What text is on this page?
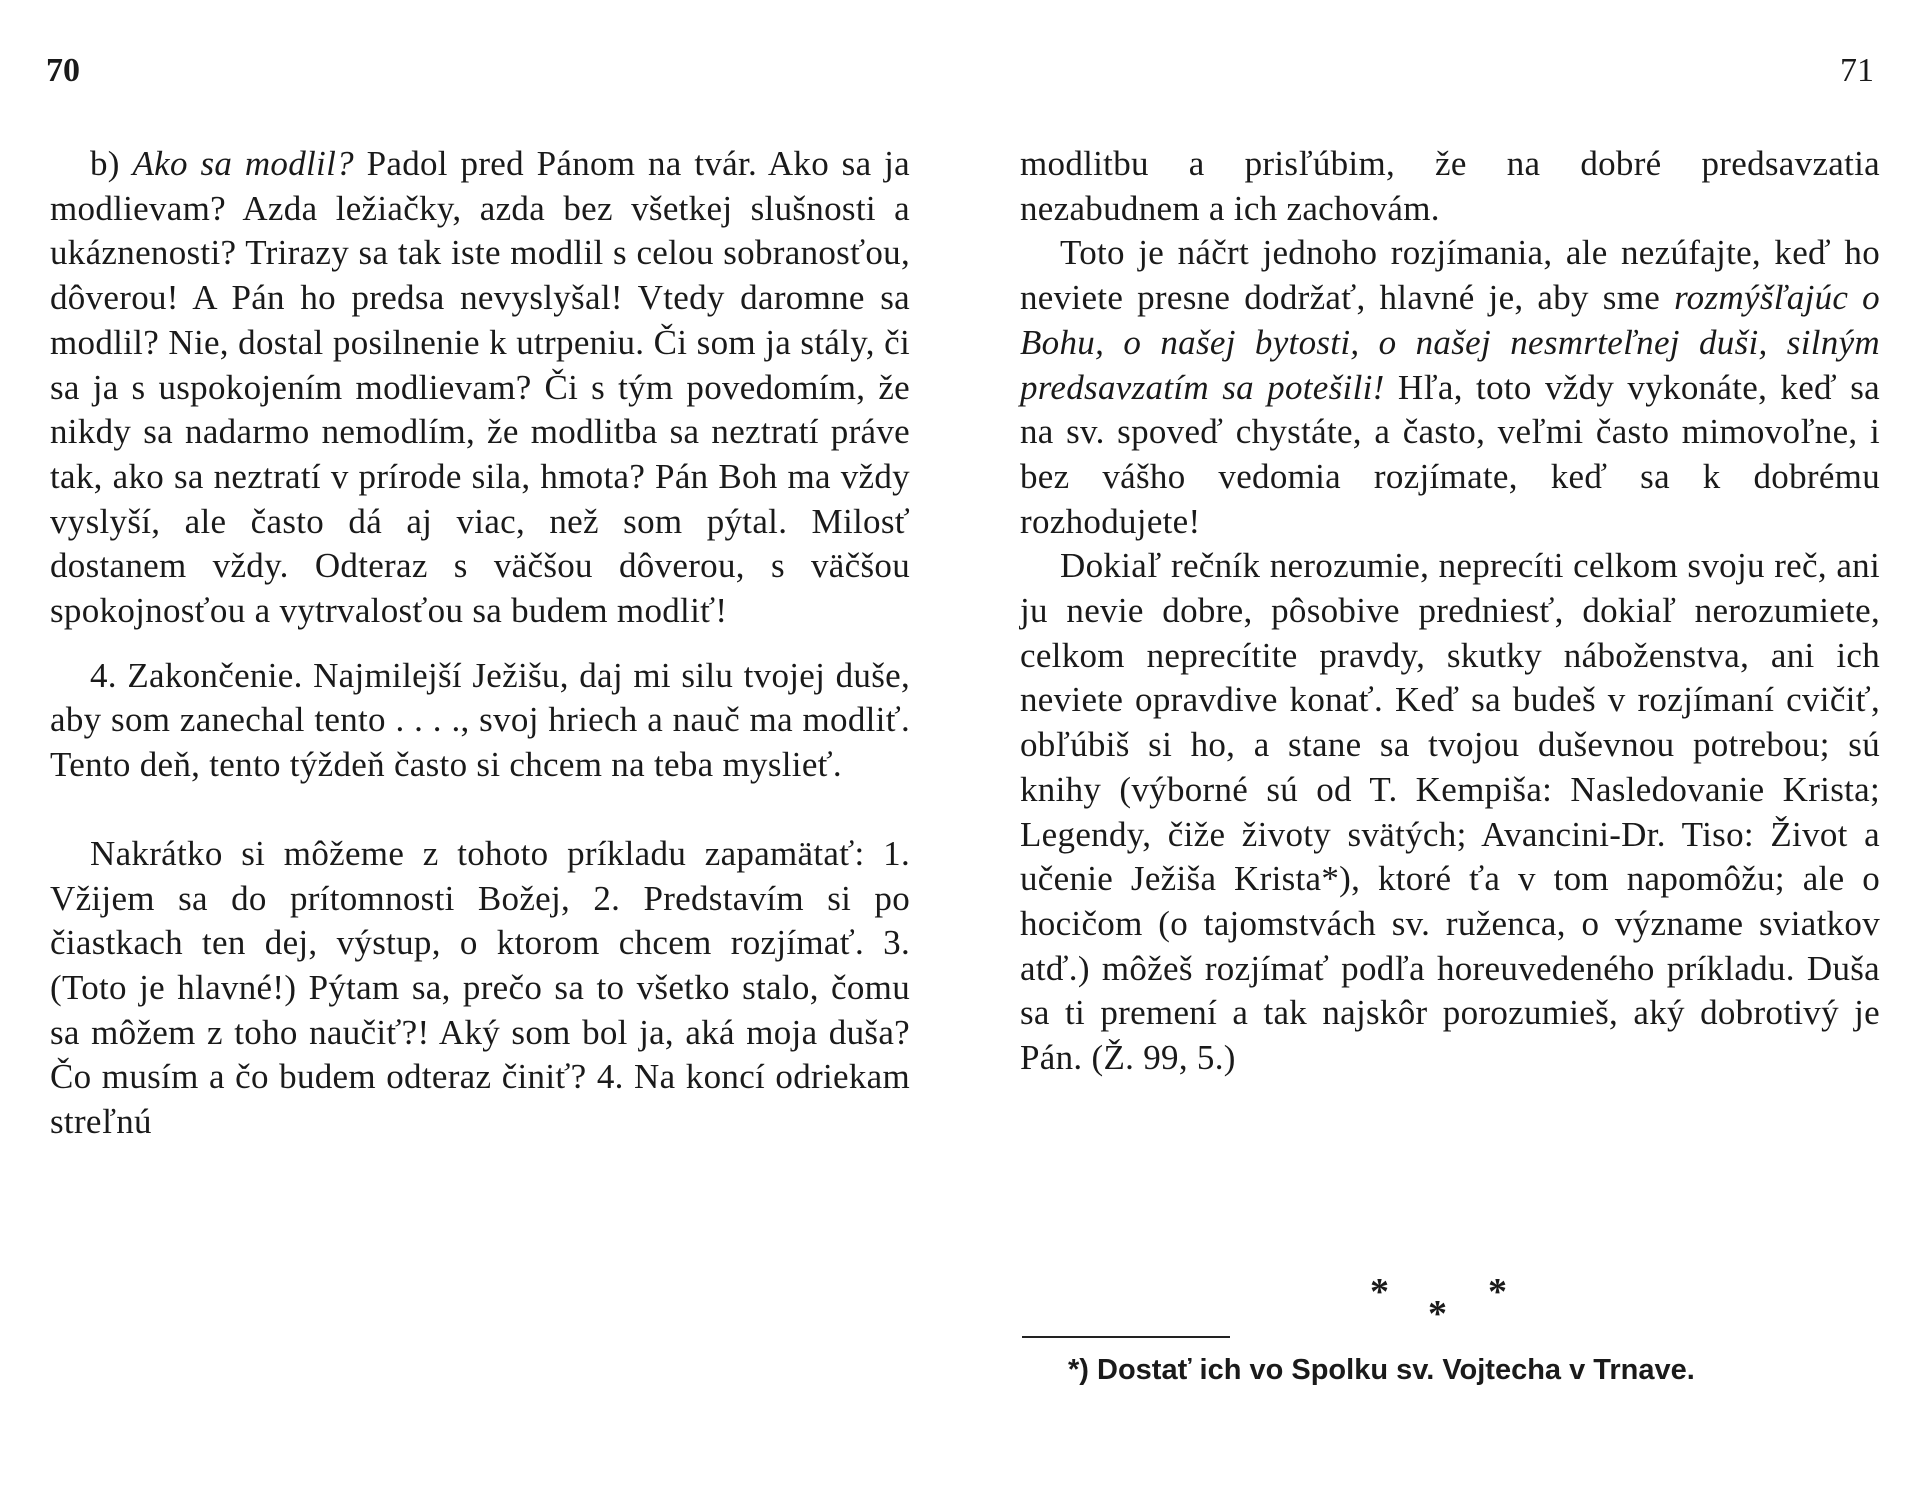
70	71

b) Ako sa modlil? Padol pred Pánom na tvár. Ako sa ja modlievam? Azda ležiačky, azda bez všetkej slušnosti a ukáznenosti? Trirazy sa tak iste modlil s celou sobranosťou, dôverou! A Pán ho predsa nevyslyšal! Vtedy daromne sa modlil? Nie, dostal posilnenie k utrpeniu. Či som ja stály, či sa ja s uspokojením modlievam? Či s tým povedomím, že nikdy sa nadarmo nemodlím, že modlitba sa neztratí práve tak, ako sa neztratí v prírode sila, hmota? Pán Boh ma vždy vyslyší, ale často dá aj viac, než som pýtal. Milosť dostanem vždy. Odteraz s väčšou dôverou, s väčšou spokojnosťou a vytrvalosťou sa budem modliť!

4. Zakončenie. Najmilejší Ježišu, daj mi silu tvojej duše, aby som zanechal tento . . . ., svoj hriech a nauč ma modliť. Tento deň, tento týždeň často si chcem na teba myslieť.

Nakrátko si môžeme z tohoto príkladu zapamätať: 1. Vžijem sa do prítomnosti Božej, 2. Predstavím si po čiastkach ten dej, výstup, o ktorom chcem rozjímať. 3. (Toto je hlavné!) Pýtam sa, prečo sa to všetko stalo, čomu sa môžem z toho naučiť?! Aký som bol ja, aká moja duša? Čo musím a čo budem odteraz činiť? 4. Na koncí odriekam streľnú

modlitbu a prisľúbim, že na dobré predsavzatia nezabudnem a ich zachovám.

Toto je náčrt jednoho rozjímania, ale nezúfajte, keď ho neviete presne dodržať, hlavné je, aby sme rozmýšľajúc o Bohu, o našej bytosti, o našej nesmrteľnej duši, silným predsavzatím sa potešili! Hľa, toto vždy vykonáte, keď sa na sv. spoveď chystáte, a často, veľmi často mimovoľne, i bez vášho vedomia rozjímate, keď sa k dobrému rozhodujete!

Dokiaľ rečník nerozumie, neprecíti celkom svoju reč, ani ju nevie dobre, pôsobive predniesť, dokiaľ nerozumiete, celkom neprecítite pravdy, skutky náboženstva, ani ich neviete opravdive konať. Keď sa budeš v rozjímaní cvičiť, obľúbiš si ho, a stane sa tvojou duševnou potrebou; sú knihy (výborné sú od T. Kempiša: Nasledovanie Krista; Legendy, čiže životy svätých; Avancini-Dr. Tiso: Život a učenie Ježiša Krista*), ktoré ťa v tom napomôžu; ale o hocičom (o tajomstvách sv. ruženca, o význame sviatkov atď.) môžeš rozjímať podľa horeuvedeného príkladu. Duša sa ti premení a tak najskôr porozumieš, aký dobrotivý je Pán. (Ž. 99, 5.)

*
*
*
*) Dostať ich vo Spolku sv. Vojtecha v Trnave.
